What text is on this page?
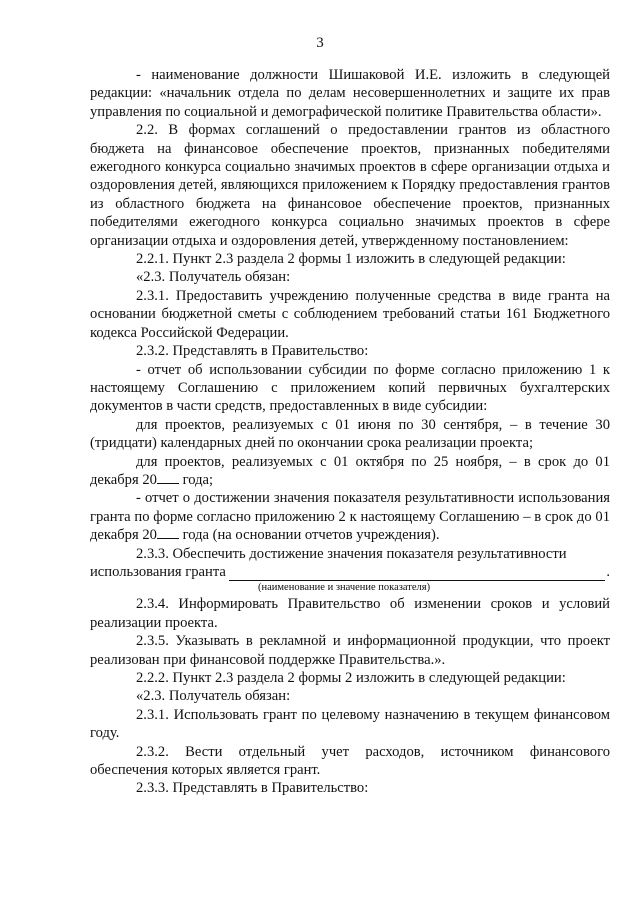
3

- наименование должности Шишаковой И.Е. изложить в следующей редакции: «начальник отдела по делам несовершеннолетних и защите их прав управления по социальной и демографической политике Правительства области».

2.2. В формах соглашений о предоставлении грантов из областного бюджета на финансовое обеспечение проектов, признанных победителями ежегодного конкурса социально значимых проектов в сфере организации отдыха и оздоровления детей, являющихся приложением к Порядку предоставления грантов из областного бюджета на финансовое обеспечение проектов, признанных победителями ежегодного конкурса социально значимых проектов в сфере организации отдыха и оздоровления детей, утвержденному постановлением:

2.2.1. Пункт 2.3 раздела 2 формы 1 изложить в следующей редакции:

«2.3. Получатель обязан:

2.3.1. Предоставить учреждению полученные средства в виде гранта на основании бюджетной сметы с соблюдением требований статьи 161 Бюджетного кодекса Российской Федерации.

2.3.2. Представлять в Правительство:

- отчет об использовании субсидии по форме согласно приложению 1 к настоящему Соглашению с приложением копий первичных бухгалтерских документов в части средств, предоставленных в виде субсидии:

для проектов, реализуемых с 01 июня по 30 сентября, – в течение 30 (тридцати) календарных дней по окончании срока реализации проекта;

для проектов, реализуемых с 01 октября по 25 ноября, – в срок до 01 декабря 20 года;

- отчет о достижении значения показателя результативности использования гранта по форме согласно приложению 2 к настоящему Соглашению – в срок до 01 декабря 20 года (на основании отчетов учреждения).

2.3.3. Обеспечить достижение значения показателя результативности

использования гранта	.

(наименование и значение показателя)

2.3.4. Информировать Правительство об изменении сроков и условий реализации проекта.

2.3.5. Указывать в рекламной и информационной продукции, что проект реализован при финансовой поддержке Правительства.».

2.2.2. Пункт 2.3 раздела 2 формы 2 изложить в следующей редакции:

«2.3. Получатель обязан:

2.3.1. Использовать грант по целевому назначению в текущем финансовом году.

2.3.2. Вести отдельный учет расходов, источником финансового обеспечения которых является грант.

2.3.3. Представлять в Правительство:
